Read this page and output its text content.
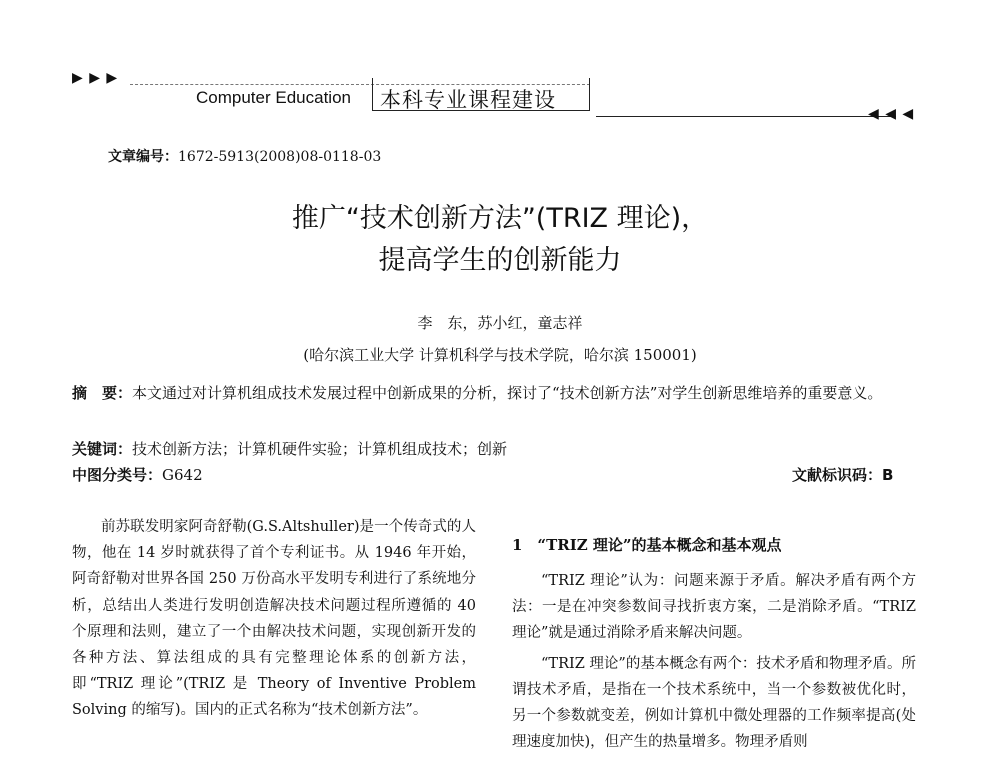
▶ ▶ ▶
Computer Education 本科专业课程建设
◀ ◀ ◀
文章编号：1672-5913(2008)08-0118-03
推广“技术创新方法”(TRIZ 理论)，
提高学生的创新能力
李　东，苏小红，童志祥
(哈尔滨工业大学 计算机科学与技术学院，哈尔滨 150001)
摘　要：本文通过对计算机组成技术发展过程中创新成果的分析，探讨了“技术创新方法”对学生创新思维培养的重要意义。
关键词：技术创新方法；计算机硬件实验；计算机组成技术；创新
中图分类号：G642	文献标识码：B

前苏联发明家阿奇舒勒(G.S.Altshuller)是一个传奇式的人物，他在 14 岁时就获得了首个专利证书。从 1946 年开始，阿奇舒勒对世界各国 250 万份高水平发明专利进行了系统地分析，总结出人类进行发明创造解决技术问题过程所遵循的 40 个原理和法则，建立了一个由解决技术问题，实现创新开发的各种方法、算法组成的具有完整理论体系的创新方法，即“TRIZ 理论”(TRIZ 是 Theory of Inventive Problem Solving 的缩写)。国内的正式名称为“技术创新方法”。

1　“TRIZ 理论”的基本概念和基本观点

“TRIZ 理论”认为：问题来源于矛盾。解决矛盾有两个方法：一是在冲突参数间寻找折衷方案，二是消除矛盾。“TRIZ 理论”就是通过消除矛盾来解决问题。

“TRIZ 理论”的基本概念有两个：技术矛盾和物理矛盾。所谓技术矛盾，是指在一个技术系统中，当一个参数被优化时，另一个参数就变差，例如计算机中微处理器的工作频率提高(处理速度加快)，但产生的热量增多。物理矛盾则
